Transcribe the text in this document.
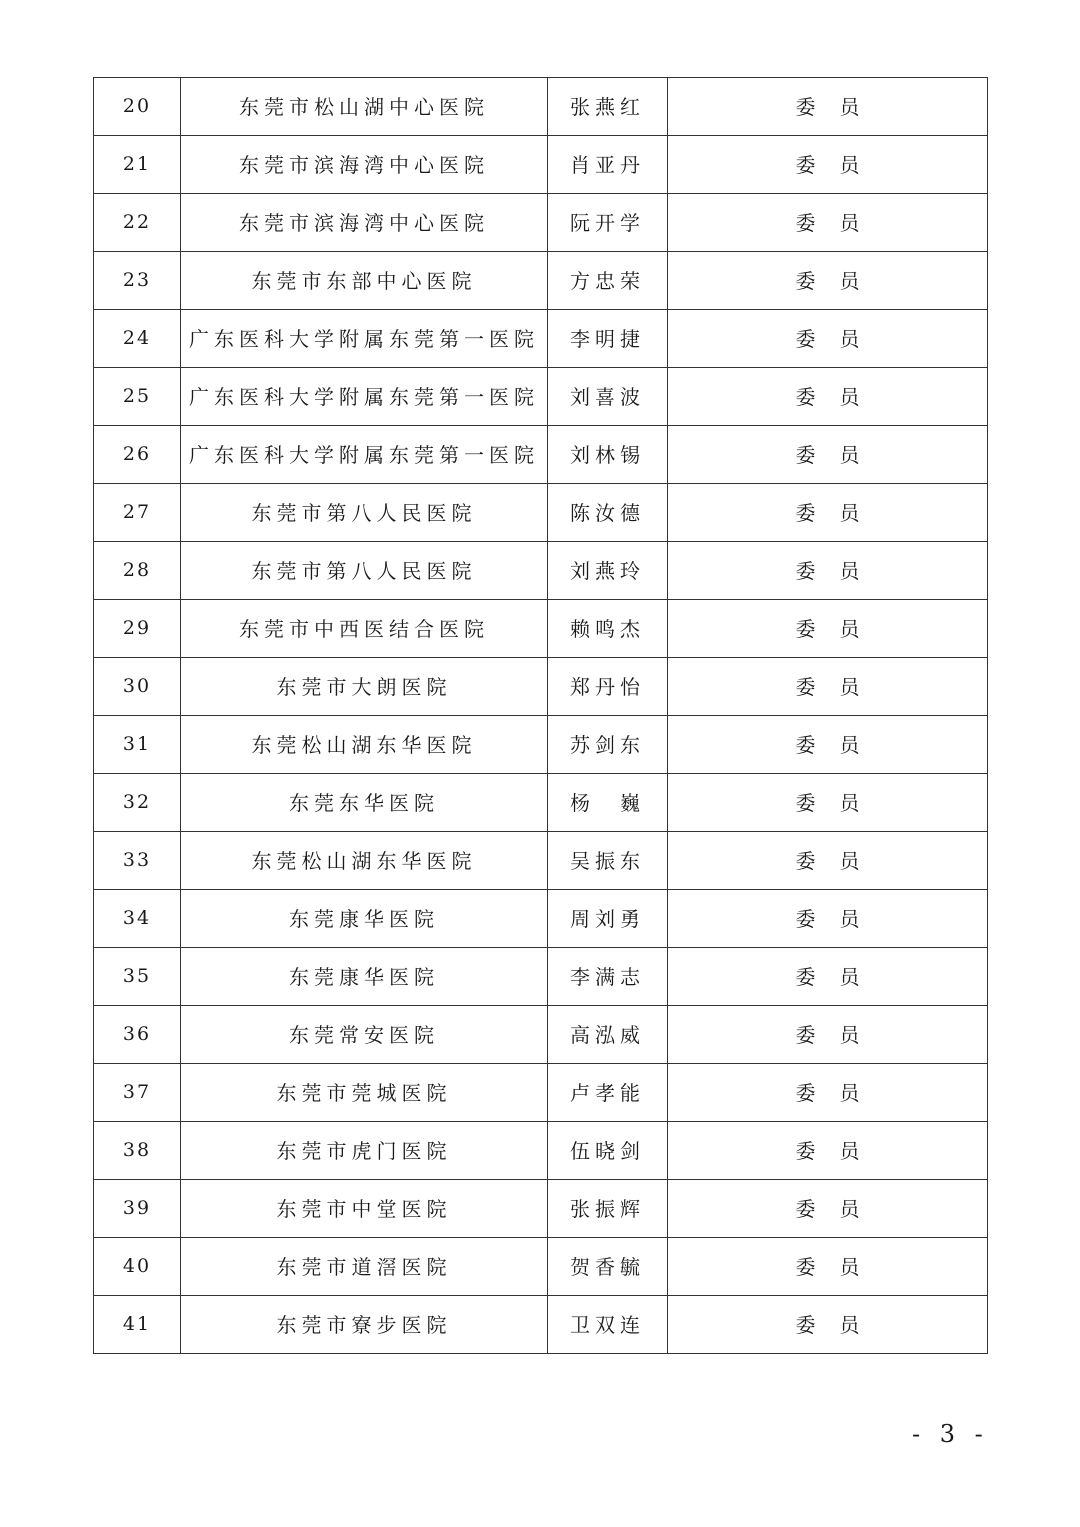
20	东莞市松山湖中心医院	张燕红	委员
21	东莞市滨海湾中心医院	肖亚丹	委员
22	东莞市滨海湾中心医院	阮开学	委员
23	东莞市东部中心医院	方忠荣	委员
24	广东医科大学附属东莞第一医院	李明捷	委员
25	广东医科大学附属东莞第一医院	刘喜波	委员
26	广东医科大学附属东莞第一医院	刘林锡	委员
27	东莞市第八人民医院	陈汝德	委员
28	东莞市第八人民医院	刘燕玲	委员
29	东莞市中西医结合医院	赖鸣杰	委员
30	东莞市大朗医院	郑丹怡	委员
31	东莞松山湖东华医院	苏剑东	委员
32	东莞东华医院	杨　巍	委员
33	东莞松山湖东华医院	吴振东	委员
34	东莞康华医院	周刘勇	委员
35	东莞康华医院	李满志	委员
36	东莞常安医院	高泓威	委员
37	东莞市莞城医院	卢孝能	委员
38	东莞市虎门医院	伍晓剑	委员
39	东莞市中堂医院	张振辉	委员
40	东莞市道滘医院	贺香毓	委员
41	东莞市寮步医院	卫双连	委员
- 3 -
